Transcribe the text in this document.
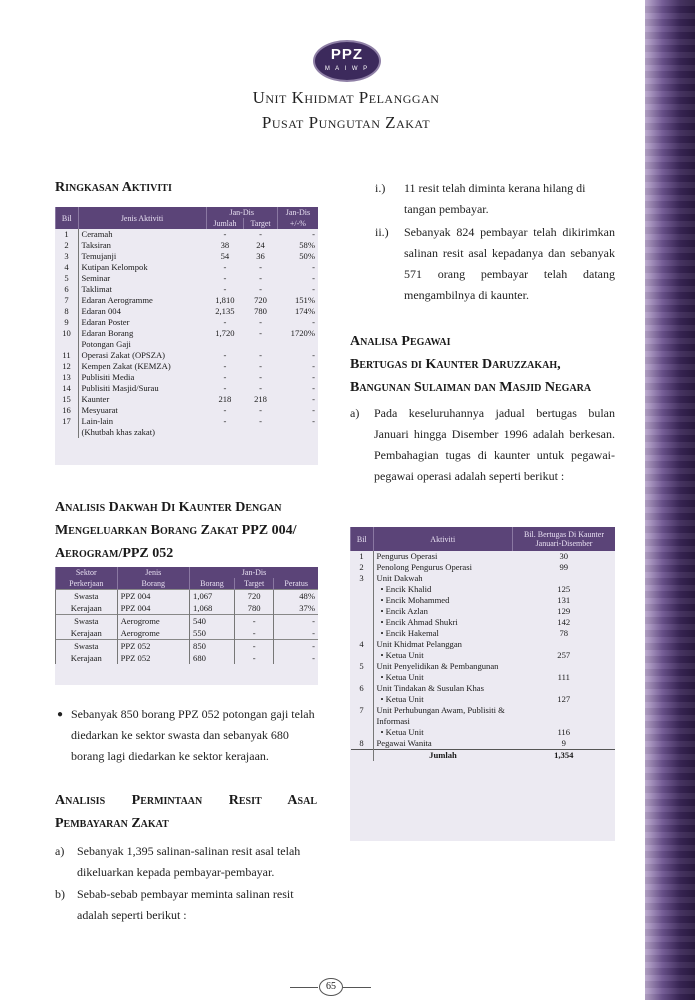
PPZ
M A I W P
Unit Khidmat Pelanggan
Pusat Pungutan Zakat
Ringkasan Aktiviti
Bil	Jenis Aktiviti	Jan-Dis		Jan-Dis
		Jumlah	Target	+/-%
1	Ceramah	-	-	-
2	Taksiran	38	24	58%
3	Temujanji	54	36	50%
4	Kutipan Kelompok	-	-	-
5	Seminar	-	-	-
6	Taklimat	-	-	-
7	Edaran Aerogramme	1,810	720	151%
8	Edaran 004	2,135	780	174%
9	Edaran Poster	-	-	-
10	Edaran Borang	1,720	-	1720%
	Potongan Gaji			
11	Operasi Zakat (OPSZA)	-	-	-
12	Kempen Zakat (KEMZA)	-	-	-
13	Publisiti Media	-	-	-
14	Publisiti Masjid/Surau	-	-	-
15	Kaunter	218	218	-
16	Mesyuarat	-	-	-
17	Lain-lain	-	-	-
	(Khutbah khas zakat)			
Analisis Dakwah Di Kaunter Dengan
Mengeluarkan Borang Zakat PPZ 004/
Aerogram/PPZ 052
Sektor	Jenis	Jan-Dis		
Perkerjaan	Borang	Borang	Target	Peratus
Swasta	PPZ 004	1,067	720	48%
Kerajaan	PPZ 004	1,068	780	37%
Swasta	Aerogrome	540	-	-
Kerajaan	Aerogrome	550	-	-
Swasta	PPZ 052	850	-	-
Kerajaan	PPZ 052	680	-	-
● Sebanyak 850 borang PPZ 052 potongan gaji telah diedarkan ke sektor swasta dan sebanyak 680 borang lagi diedarkan ke sektor kerajaan.
Analisis Permintaan Resit Asal
Pembayaran Zakat
a) Sebanyak 1,395 salinan-salinan resit asal telah dikeluarkan kepada pembayar-pembayar.
b) Sebab-sebab pembayar meminta salinan resit adalah seperti berikut :
i.) 11 resit telah diminta kerana hilang di tangan pembayar.
ii.) Sebanyak 824 pembayar telah dikirimkan salinan resit asal kepadanya dan sebanyak 571 orang pembayar telah datang mengambilnya di kaunter.
Analisa Pegawai
Bertugas di Kaunter Daruzzakah,
Bangunan Sulaiman dan Masjid Negara
a) Pada keseluruhannya jadual bertugas bulan Januari hingga Disember 1996 adalah berkesan. Pembahagian tugas di kaunter untuk pegawai-pegawai operasi adalah seperti berikut :
Bil	Aktiviti	Bil. Bertugas Di Kaunter Januari-Disember
1	Pengurus Operasi	30
2	Penolong Pengurus Operasi	99
3	Unit Dakwah	
	• Encik Khalid	125
	• Encik Mohammed	131
	• Encik Azlan	129
	• Encik Ahmad Shukri	142
	• Encik Hakemal	78
4	Unit Khidmat Pelanggan	
	• Ketua Unit	257
5	Unit Penyelidikan & Pembangunan	
	• Ketua Unit	111
6	Unit Tindakan & Susulan Khas	
	• Ketua Unit	127
7	Unit Perhubungan Awam, Publisiti & Informasi	
	• Ketua Unit	116
8	Pegawai Wanita	9
	Jumlah	1,354
65
